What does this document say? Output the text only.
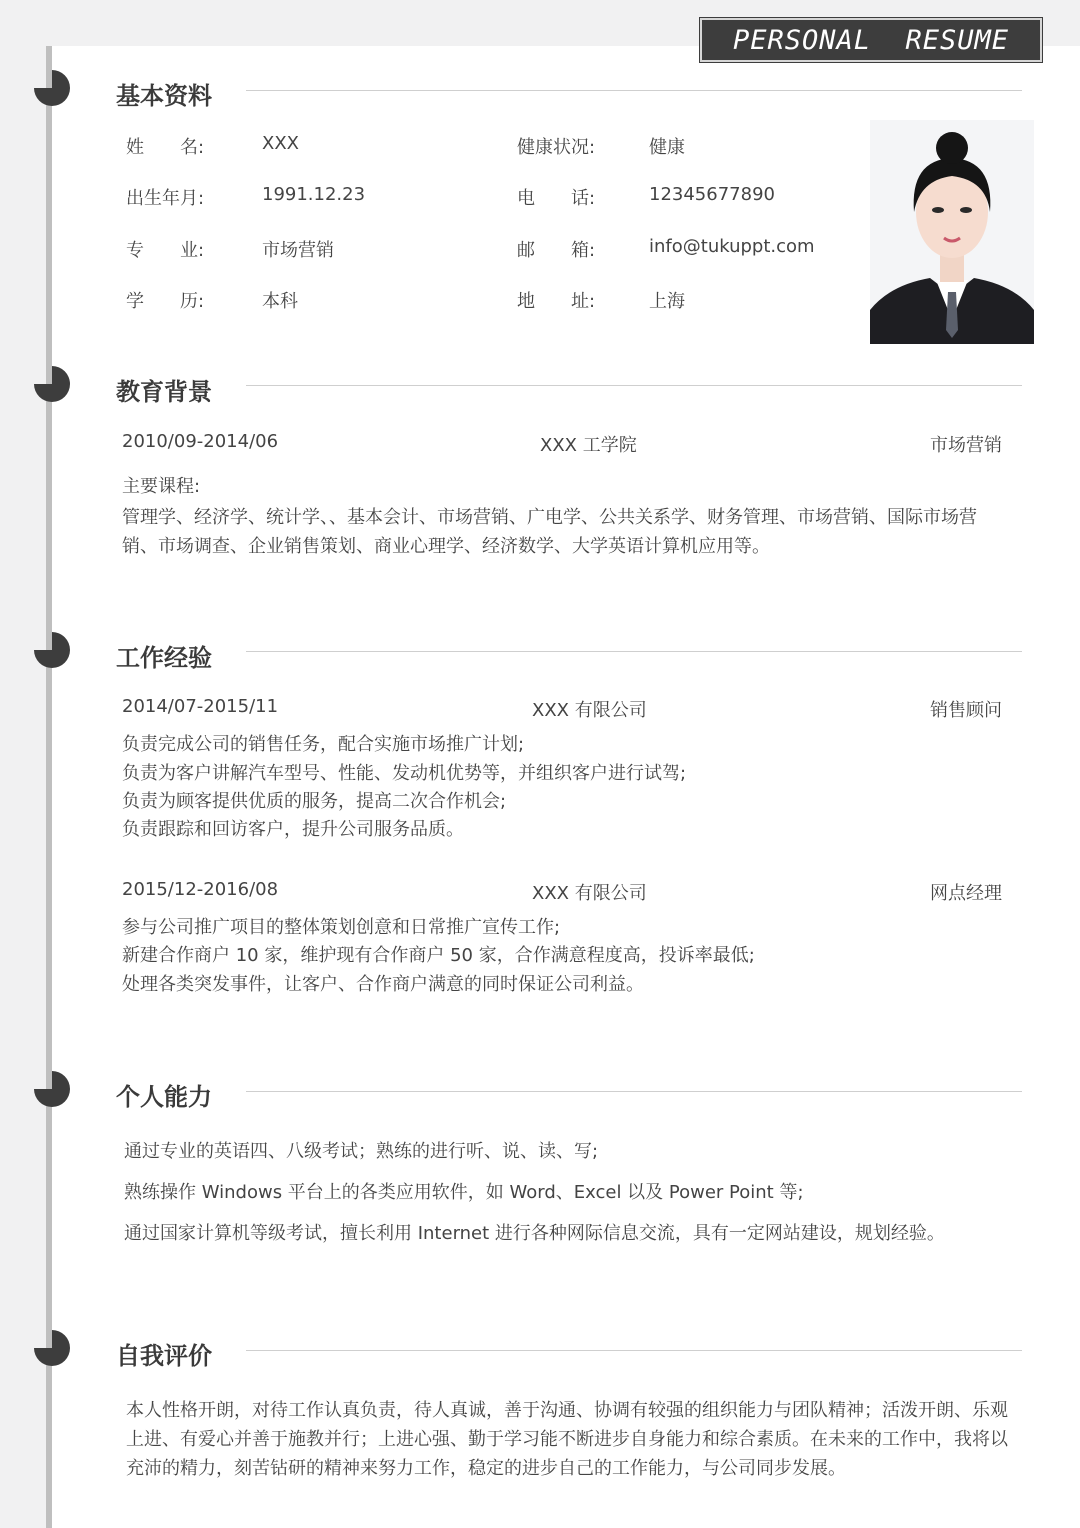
PERSONAL  RESUME
基本资料
姓　　名:	XXX
出生年月:	1991.12.23
专　　业:	市场营销
学　　历:	本科
健康状况:	健康
电　　话:	12345677890
邮　　箱:	info@tukuppt.com
地　　址:	上海
教育背景
2010/09-2014/06	XXX 工学院	市场营销
主要课程:
管理学、经济学、统计学、、基本会计、市场营销、广电学、公共关系学、财务管理、市场营销、国际市场营销、市场调查、企业销售策划、商业心理学、经济数学、大学英语计算机应用等。
工作经验
2014/07-2015/11	XXX 有限公司	销售顾问
负责完成公司的销售任务，配合实施市场推广计划;
负责为客户讲解汽车型号、性能、发动机优势等，并组织客户进行试驾;
负责为顾客提供优质的服务，提高二次合作机会;
负责跟踪和回访客户，提升公司服务品质。
2015/12-2016/08	XXX 有限公司	网点经理
参与公司推广项目的整体策划创意和日常推广宣传工作;
新建合作商户 10 家，维护现有合作商户 50 家，合作满意程度高，投诉率最低;
处理各类突发事件，让客户、合作商户满意的同时保证公司利益。
个人能力
通过专业的英语四、八级考试；熟练的进行听、说、读、写;
熟练操作 Windows 平台上的各类应用软件，如 Word、Excel 以及 Power Point 等;
通过国家计算机等级考试，擅长利用 Internet 进行各种网际信息交流，具有一定网站建设，规划经验。
自我评价
本人性格开朗，对待工作认真负责，待人真诚，善于沟通、协调有较强的组织能力与团队精神；活泼开朗、乐观上进、有爱心并善于施教并行；上进心强、勤于学习能不断进步自身能力和综合素质。在未来的工作中，我将以充沛的精力，刻苦钻研的精神来努力工作，稳定的进步自己的工作能力，与公司同步发展。
